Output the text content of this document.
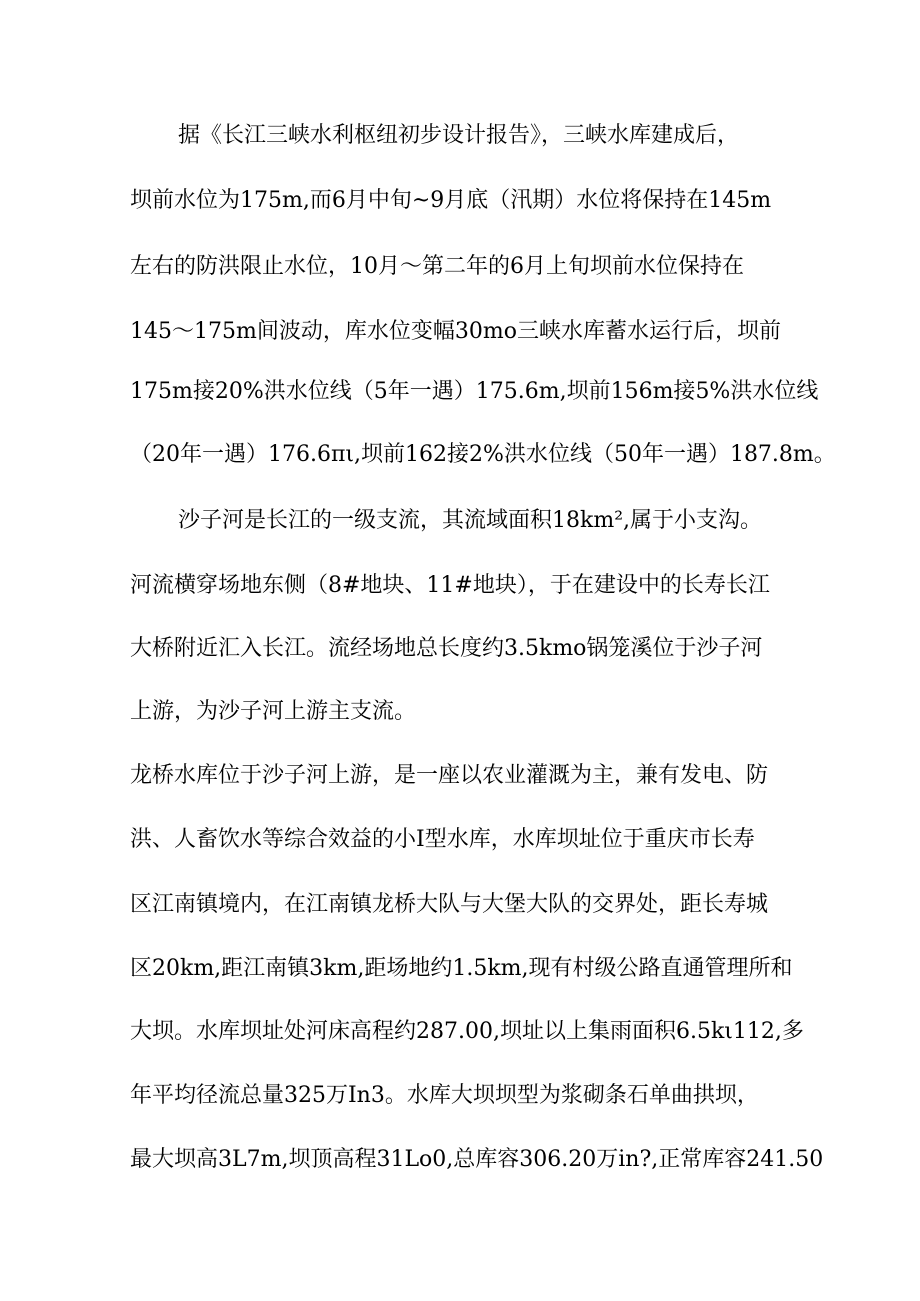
据《长江三峡水利枢纽初步设计报告》，三峡水库建成后，
坝前水位为175m,而6月中旬~9月底（汛期）水位将保持在145m
左右的防洪限止水位，10月～第二年的6月上旬坝前水位保持在
145～175m间波动，库水位变幅30mo三峡水库蓄水运行后，坝前
175m接20%洪水位线（5年一遇）175.6m,坝前156m接5%洪水位线
（20年一遇）176.6πι,坝前162接2%洪水位线（50年一遇）187.8m。
沙子河是长江的一级支流，其流域面积18km²,属于小支沟。
河流横穿场地东侧（8#地块、11#地块），于在建设中的长寿长江
大桥附近汇入长江。流经场地总长度约3.5kmo锅笼溪位于沙子河
上游，为沙子河上游主支流。
龙桥水库位于沙子河上游，是一座以农业灌溉为主，兼有发电、防
洪、人畜饮水等综合效益的小I型水库，水库坝址位于重庆市长寿
区江南镇境内，在江南镇龙桥大队与大堡大队的交界处，距长寿城
区20km,距江南镇3km,距场地约1.5km,现有村级公路直通管理所和
大坝。水库坝址处河床高程约287.00,坝址以上集雨面积6.5kι112,多
年平均径流总量325万In3。水库大坝坝型为浆砌条石单曲拱坝，
最大坝高3L7m,坝顶高程31Lo0,总库容306.20万in?,正常库容241.50
